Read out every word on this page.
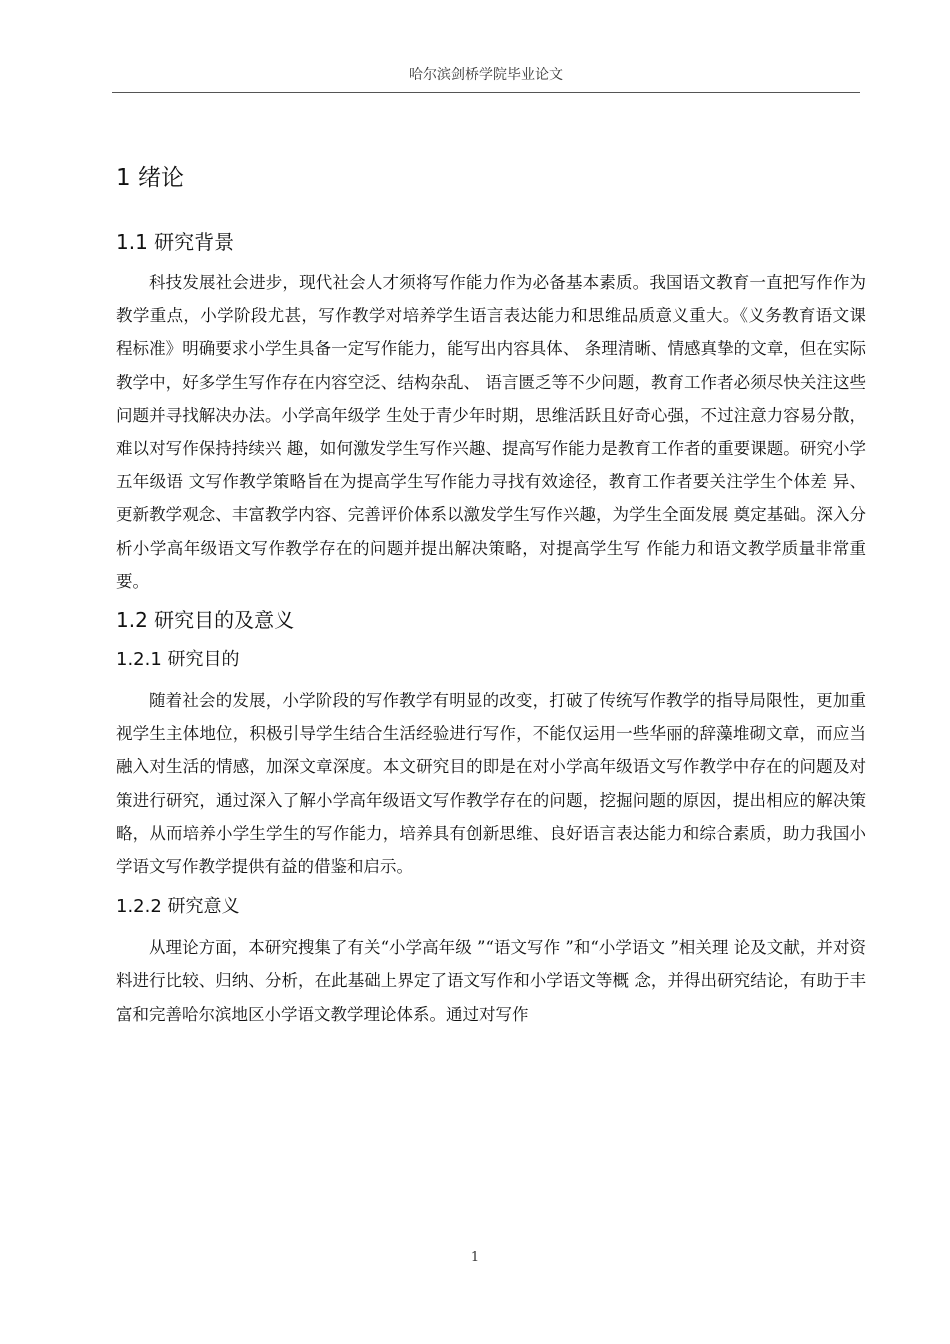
哈尔滨剑桥学院毕业论文
1 绪论
1.1 研究背景

科技发展社会进步，现代社会人才须将写作能力作为必备基本素质。我国语文教育一直把写作作为教学重点，小学阶段尤甚，写作教学对培养学生语言表达能力和思维品质意义重大。《义务教育语文课程标准》明确要求小学生具备一定写作能力，能写出内容具体、 条理清晰、情感真挚的文章，但在实际教学中，好多学生写作存在内容空泛、结构杂乱、 语言匮乏等不少问题，教育工作者必须尽快关注这些问题并寻找解决办法。小学高年级学 生处于青少年时期，思维活跃且好奇心强，不过注意力容易分散，难以对写作保持持续兴 趣，如何激发学生写作兴趣、提高写作能力是教育工作者的重要课题。研究小学五年级语 文写作教学策略旨在为提高学生写作能力寻找有效途径，教育工作者要关注学生个体差 异、更新教学观念、丰富教学内容、完善评价体系以激发学生写作兴趣，为学生全面发展 奠定基础。深入分析小学高年级语文写作教学存在的问题并提出解决策略，对提高学生写 作能力和语文教学质量非常重要。

1.2 研究目的及意义
1.2.1 研究目的

随着社会的发展，小学阶段的写作教学有明显的改变，打破了传统写作教学的指导局限性，更加重视学生主体地位，积极引导学生结合生活经验进行写作，不能仅运用一些华丽的辞藻堆砌文章，而应当融入对生活的情感，加深文章深度。本文研究目的即是在对小学高年级语文写作教学中存在的问题及对策进行研究，通过深入了解小学高年级语文写作教学存在的问题，挖掘问题的原因，提出相应的解决策略，从而培养小学生学生的写作能力，培养具有创新思维、良好语言表达能力和综合素质，助力我国小学语文写作教学提供有益的借鉴和启示。

1.2.2 研究意义

从理论方面，本研究搜集了有关“小学高年级 ”“语文写作 ”和“小学语文 ”相关理 论及文献，并对资料进行比较、归纳、分析，在此基础上界定了语文写作和小学语文等概 念，并得出研究结论，有助于丰富和完善哈尔滨地区小学语文教学理论体系。通过对写作

1
